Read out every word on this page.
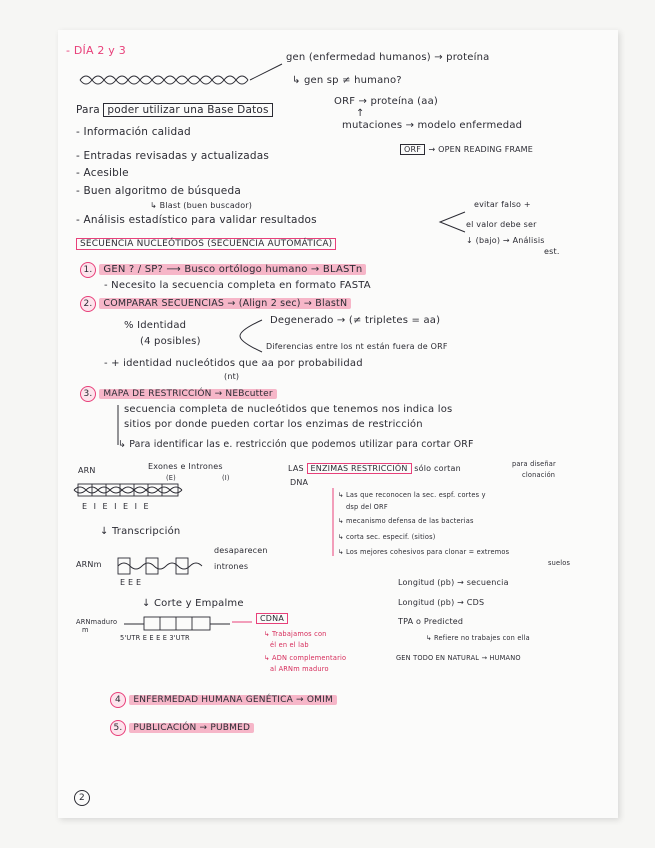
- DÍA 2 y 3
gen (enfermedad humanos) → proteína
↳ gen sp ≠ humano?
ORF → proteína (aa)
↑
mutaciones → modelo enfermedad
ORF → OPEN READING FRAME
Para poder utilizar una Base Datos
- Información calidad
- Entradas revisadas y actualizadas
- Acesible
- Buen algoritmo de búsqueda
↳ Blast (buen buscador)
- Análisis estadístico para validar resultados
evitar falso +
el valor debe ser
↓ (bajo) → Análisis
est.
SECUENCIA NUCLEÓTIDOS (SECUENCIA AUTOMÁTICA)
1. GEN ? / SP? ⟶ Busco ortólogo humano → BLASTn
- Necesito la secuencia completa en formato FASTA
2. COMPARAR SECUENCIAS → (Align 2 sec) → BlastN
% Identidad
(4 posibles)
Degenerado → (≠ tripletes = aa)
Diferencias entre los nt están fuera de ORF
- + identidad nucleótidos que aa por probabilidad
(nt)
3. MAPA DE RESTRICCIÓN → NEBcutter
secuencia completa de nucleótidos que tenemos nos indica los
sitios por donde pueden cortar los enzimas de restricción
↳ Para identificar las e. restricción que podemos utilizar para cortar ORF
ARN	Exones e Intrones
(E)	(I)
E I E I E I E
↓ Transcripción
ARNm
E E E
desaparecen
intrones
↓ Corte y Empalme
ARNmaduro
m
5'UTR E E E E 3'UTR
CDNA
↳ Trabajamos con
él en el lab
↳ ADN complementario
al ARNm maduro
LAS ENZIMAS RESTRICCIÓN sólo cortan
DNA
para diseñar
clonación
↳ Las que reconocen la sec. espf. cortes y
dsp del ORF
↳ mecanismo defensa de las bacterias
↳ corta sec. especif. (sitios)
↳ Los mejores cohesivos para clonar = extremos
suelos
Longitud (pb) → secuencia
Longitud (pb) → CDS
TPA o Predicted
↳ Refiere no trabajes con ella
GEN TODO EN NATURAL → HUMANO
4 ENFERMEDAD HUMANA GENÉTICA → OMIM
5. PUBLICACIÓN → PUBMED
2
